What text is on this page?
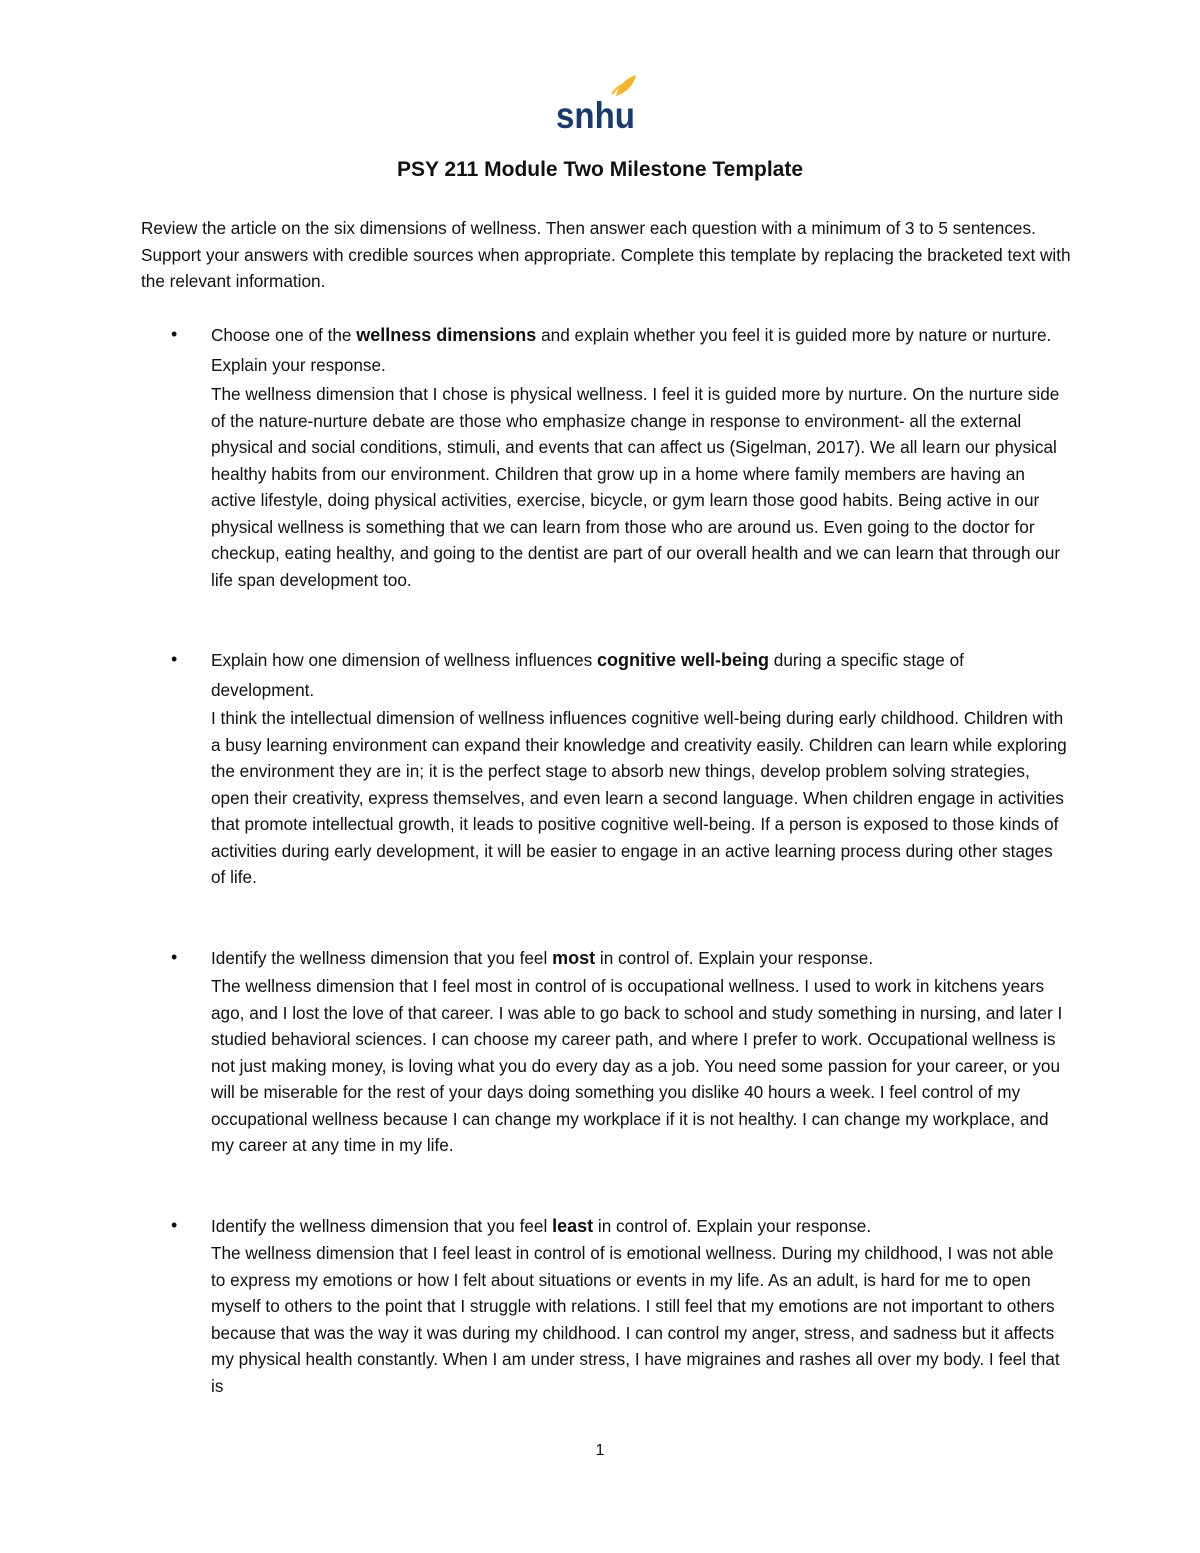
snhu
PSY 211 Module Two Milestone Template

Review the article on the six dimensions of wellness. Then answer each question with a minimum of 3 to 5 sentences. Support your answers with credible sources when appropriate. Complete this template by replacing the bracketed text with the relevant information.

• Choose one of the wellness dimensions and explain whether you feel it is guided more by nature or nurture. Explain your response.

The wellness dimension that I chose is physical wellness. I feel it is guided more by nurture. On the nurture side of the nature-nurture debate are those who emphasize change in response to environment- all the external physical and social conditions, stimuli, and events that can affect us (Sigelman, 2017). We all learn our physical healthy habits from our environment. Children that grow up in a home where family members are having an active lifestyle, doing physical activities, exercise, bicycle, or gym learn those good habits. Being active in our physical wellness is something that we can learn from those who are around us. Even going to the doctor for checkup, eating healthy, and going to the dentist are part of our overall health and we can learn that through our life span development too.

• Explain how one dimension of wellness influences cognitive well-being during a specific stage of development.

I think the intellectual dimension of wellness influences cognitive well-being during early childhood. Children with a busy learning environment can expand their knowledge and creativity easily. Children can learn while exploring the environment they are in; it is the perfect stage to absorb new things, develop problem solving strategies, open their creativity, express themselves, and even learn a second language. When children engage in activities that promote intellectual growth, it leads to positive cognitive well-being. If a person is exposed to those kinds of activities during early development, it will be easier to engage in an active learning process during other stages of life.

• Identify the wellness dimension that you feel most in control of. Explain your response.

The wellness dimension that I feel most in control of is occupational wellness. I used to work in kitchens years ago, and I lost the love of that career. I was able to go back to school and study something in nursing, and later I studied behavioral sciences. I can choose my career path, and where I prefer to work. Occupational wellness is not just making money, is loving what you do every day as a job. You need some passion for your career, or you will be miserable for the rest of your days doing something you dislike 40 hours a week. I feel control of my occupational wellness because I can change my workplace if it is not healthy. I can change my workplace, and my career at any time in my life.

• Identify the wellness dimension that you feel least in control of. Explain your response.

The wellness dimension that I feel least in control of is emotional wellness. During my childhood, I was not able to express my emotions or how I felt about situations or events in my life. As an adult, is hard for me to open myself to others to the point that I struggle with relations. I still feel that my emotions are not important to others because that was the way it was during my childhood. I can control my anger, stress, and sadness but it affects my physical health constantly. When I am under stress, I have migraines and rashes all over my body. I feel that is

1
